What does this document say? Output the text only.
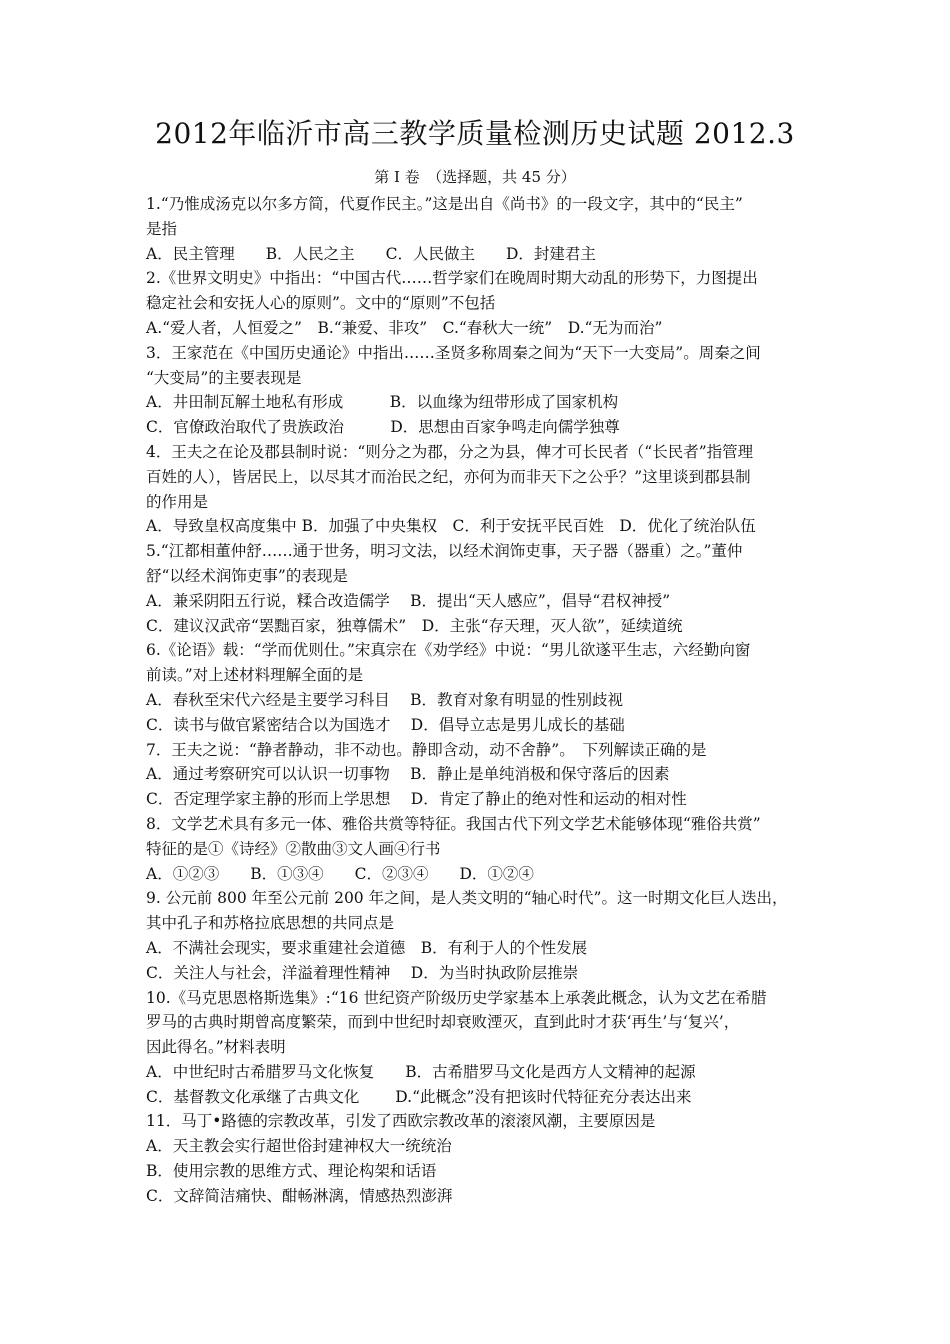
2012年临沂市高三教学质量检测历史试题 2012.3
第 I 卷　（选择题，共 45 分）
1.“乃惟成汤克以尔多方简，代夏作民主。”这是出自《尚书》的一段文字，其中的“民主”
是指
A．民主管理　　B．人民之主　　C．人民做主　　D．封建君主
2.《世界文明史》中指出：“中国古代……哲学家们在晚周时期大动乱的形势下，力图提出
稳定社会和安抚人心的原则”。文中的“原则”不包括
A.“爱人者，人恒爱之”　B.“兼爱、非攻”　C.“春秋大一统”　D.“无为而治”
3．王家范在《中国历史通论》中指出……圣贤多称周秦之间为“天下一大变局”。周秦之间
“大变局”的主要表现是
A．井田制瓦解土地私有形成　　　B．以血缘为纽带形成了国家机构
C．官僚政治取代了贵族政治　　　D．思想由百家争鸣走向儒学独尊
4．王夫之在论及郡县制时说：“则分之为郡，分之为县，俾才可长民者（“长民者”指管理
百姓的人），皆居民上，以尽其才而治民之纪，亦何为而非天下之公乎？”这里谈到郡县制
的作用是
A．导致皇权高度集中 B．加强了中央集权　C．利于安抚平民百姓　D．优化了统治队伍
5.“江都相董仲舒……通于世务，明习文法，以经术润饰吏事，天子器（器重）之。”董仲
舒“以经术润饰吏事”的表现是
A．兼采阴阳五行说，糅合改造儒学　 B．提出“天人感应”，倡导“君权神授”
C．建议汉武帝“罢黜百家，独尊儒术”　D．主张“存天理，灭人欲”，延续道统
6.《论语》载：“学而优则仕。”宋真宗在《劝学经》中说：“男儿欲遂平生志，六经勤向窗
前读。”对上述材料理解全面的是
A．春秋至宋代六经是主要学习科目　 B．教育对象有明显的性别歧视
C．读书与做官紧密结合以为国选才　 D．倡导立志是男儿成长的基础
7．王夫之说：“静者静动，非不动也。静即含动，动不舍静”。　下列解读正确的是
A．通过考察研究可以认识一切事物　 B．静止是单纯消极和保守落后的因素
C．否定理学家主静的形而上学思想　 D．肯定了静止的绝对性和运动的相对性
8．文学艺术具有多元一体、雅俗共赏等特征。我国古代下列文学艺术能够体现“雅俗共赏”
特征的是①《诗经》②散曲③文人画④行书
A．①②③　　B．①③④　　C．②③④　　D．①②④
9. 公元前 800 年至公元前 200 年之间，是人类文明的“轴心时代”。这一时期文化巨人迭出，
其中孔子和苏格拉底思想的共同点是
A．不满社会现实，要求重建社会道德　B．有利于人的个性发展
C．关注人与社会，洋溢着理性精神　 D．为当时执政阶层推崇
10.《马克思恩格斯选集》:“16 世纪资产阶级历史学家基本上承袭此概念，认为文艺在希腊
罗马的古典时期曾高度繁荣，而到中世纪时却衰败湮灭，直到此时才获‘再生’与‘复兴’，
因此得名。”材料表明
A．中世纪时古希腊罗马文化恢复　　B．古希腊罗马文化是西方人文精神的起源
C．基督教文化承继了古典文化　　 D.“此概念”没有把该时代特征充分表达出来
11．马丁•路德的宗教改革，引发了西欧宗教改革的滚滚风潮，主要原因是
A．天主教会实行超世俗封建神权大一统统治
B．使用宗教的思维方式、理论构架和话语
C．文辞简洁痛快、酣畅淋漓，情感热烈澎湃
